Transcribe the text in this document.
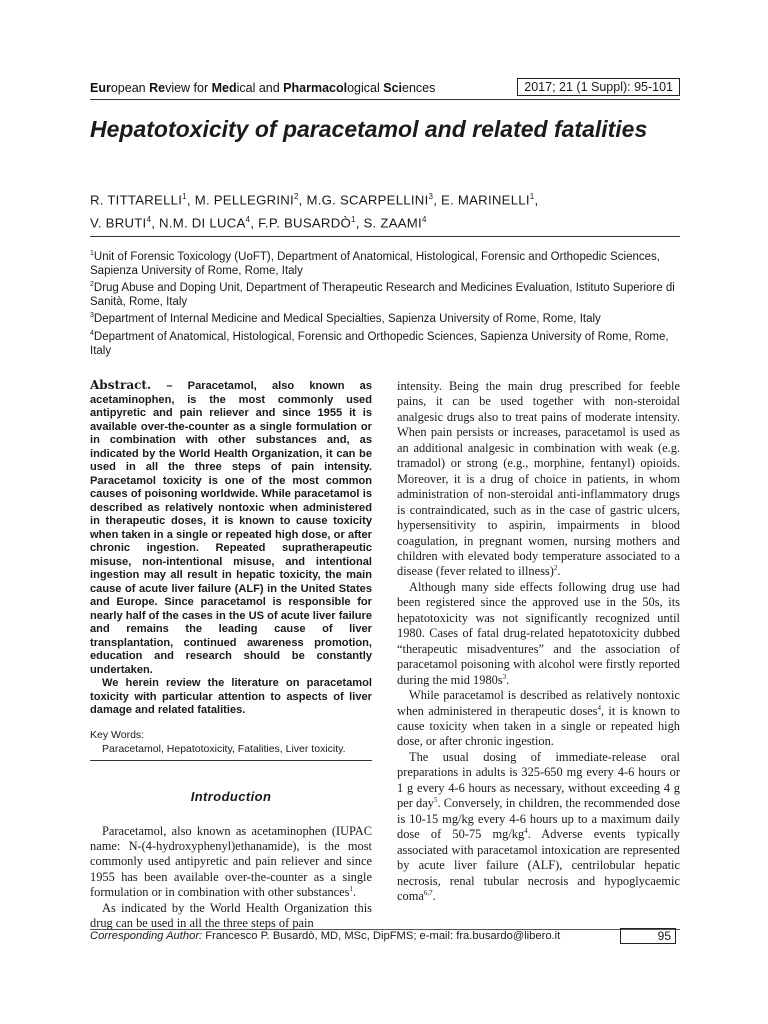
European Review for Medical and Pharmacological Sciences	2017; 21 (1 Suppl): 95-101
Hepatotoxicity of paracetamol and related fatalities
R. TITTARELLI$^1$, M. PELLEGRINI$^2$, M.G. SCARPELLINI$^3$, E. MARINELLI$^1$,
V. BRUTI$^4$, N.M. DI LUCA$^4$, F.P. BUSARDÒ$^1$, S. ZAAMI$^4$

$^1$Unit of Forensic Toxicology (UoFT), Department of Anatomical, Histological, Forensic and Orthopedic Sciences, Sapienza University of Rome, Rome, Italy

$^2$Drug Abuse and Doping Unit, Department of Therapeutic Research and Medicines Evaluation, Istituto Superiore di Sanità, Rome, Italy

$^3$Department of Internal Medicine and Medical Specialties, Sapienza University of Rome, Rome, Italy

$^4$Department of Anatomical, Histological, Forensic and Orthopedic Sciences, Sapienza University of Rome, Rome, Italy

Abstract. – Paracetamol, also known as acetaminophen, is the most commonly used antipyretic and pain reliever and since 1955 it is available over-the-counter as a single formulation or in combination with other substances and, as indicated by the World Health Organization, it can be used in all the three steps of pain intensity. Paracetamol toxicity is one of the most common causes of poisoning worldwide. While paracetamol is described as relatively nontoxic when administered in therapeutic doses, it is known to cause toxicity when taken in a single or repeated high dose, or after chronic ingestion. Repeated supratherapeutic misuse, non-intentional misuse, and intentional ingestion may all result in hepatic toxicity, the main cause of acute liver failure (ALF) in the United States and Europe. Since paracetamol is responsible for nearly half of the cases in the US of acute liver failure and remains the leading cause of liver transplantation, continued awareness promotion, education and research should be constantly undertaken.

We herein review the literature on paracetamol toxicity with particular attention to aspects of liver damage and related fatalities.

Key Words:
Paracetamol, Hepatotoxicity, Fatalities, Liver toxicity.
Introduction

Paracetamol, also known as acetaminophen (IUPAC name: N-(4-hydroxyphenyl)ethanamide), is the most commonly used antipyretic and pain reliever and since 1955 has been available over-the-counter as a single formulation or in combination with other substances$^1$.

As indicated by the World Health Organization this drug can be used in all the three steps of pain

intensity. Being the main drug prescribed for feeble pains, it can be used together with non-steroidal analgesic drugs also to treat pains of moderate intensity. When pain persists or increases, paracetamol is used as an additional analgesic in combination with weak (e.g. tramadol) or strong (e.g., morphine, fentanyl) opioids. Moreover, it is a drug of choice in patients, in whom administration of non-steroidal anti-inflammatory drugs is contraindicated, such as in the case of gastric ulcers, hypersensitivity to aspirin, impairments in blood coagulation, in pregnant women, nursing mothers and children with elevated body temperature associated to a disease (fever related to illness)$^2$.

Although many side effects following drug use had been registered since the approved use in the 50s, its hepatotoxicity was not significantly recognized until 1980. Cases of fatal drug-related hepatotoxicity dubbed “therapeutic misadventures” and the association of paracetamol poisoning with alcohol were firstly reported during the mid $1980s^3$.

While paracetamol is described as relatively nontoxic when administered in therapeutic doses$^4$, it is known to cause toxicity when taken in a single or repeated high dose, or after chronic ingestion.

The usual dosing of immediate-release oral preparations in adults is 325-650 mg every 4-6 hours or 1 g every 4-6 hours as necessary, without exceeding 4 g per day$^5$. Conversely, in children, the recommended dose is 10-15 mg/kg every 4-6 hours up to a maximum daily dose of 50-75 $mg/kg^4$. Adverse events typically associated with paracetamol intoxication are represented by acute liver failure (ALF), centrilobular hepatic necrosis, renal tubular necrosis and hypoglycaemic coma$^{6,7}$.

Corresponding Author: Francesco P. Busardò, MD, MSc, DipFMS; e-mail: fra.busardo@libero.it	95
